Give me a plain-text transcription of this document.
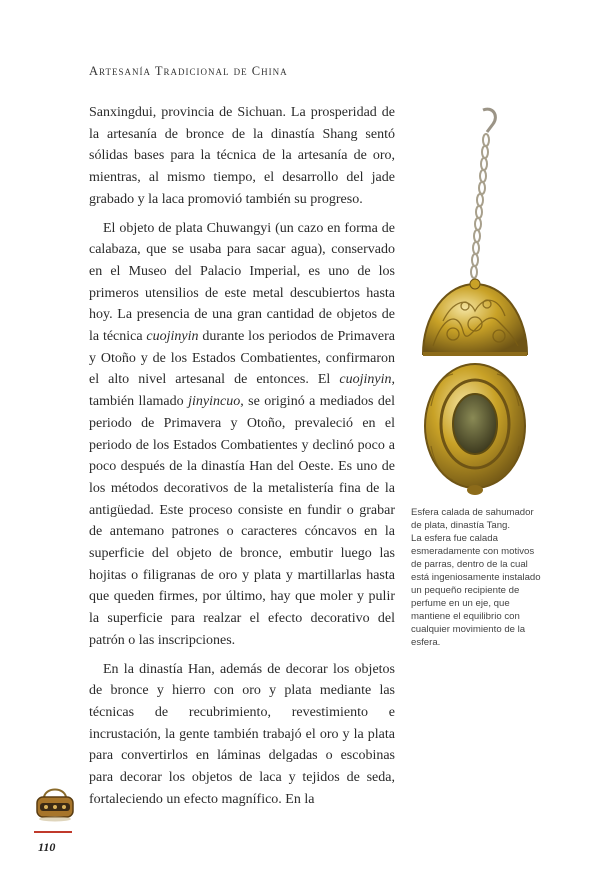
Artesanía Tradicional de China

Sanxingdui, provincia de Sichuan. La prosperidad de la artesanía de bronce de la dinastía Shang sentó sólidas bases para la técnica de la artesanía de oro, mientras, al mismo tiempo, el desarrollo del jade grabado y la laca promovió también su progreso.

El objeto de plata Chuwangyi (un cazo en forma de calabaza, que se usaba para sacar agua), conservado en el Museo del Palacio Imperial, es uno de los primeros utensilios de este metal descubiertos hasta hoy. La presencia de una gran cantidad de objetos de la técnica cuojinyin durante los periodos de Primavera y Otoño y de los Estados Combatientes, confirmaron el alto nivel artesanal de entonces. El cuojinyin, también llamado jinyincuo, se originó a mediados del periodo de Primavera y Otoño, prevaleció en el periodo de los Estados Combatientes y declinó poco a poco después de la dinastía Han del Oeste. Es uno de los métodos decorativos de la metalistería fina de la antigüedad. Este proceso consiste en fundir o grabar de antemano patrones o caracteres cóncavos en la superficie del objeto de bronce, embutir luego las hojitas o filigranas de oro y plata y martillarlas hasta que queden firmes, por último, hay que moler y pulir la superficie para realzar el efecto decorativo del patrón o las inscripciones.

En la dinastía Han, además de decorar los objetos de bronce y hierro con oro y plata mediante las técnicas de recubrimiento, revestimiento e incrustación, la gente también trabajó el oro y la plata para convertirlos en láminas delgadas o escobinas para decorar los objetos de laca y tejidos de seda, fortaleciendo un efecto magnífico. En la

Esfera calada de sahumador de plata, dinastía Tang.

La esfera fue calada esmeradamente con motivos de parras, dentro de la cual está ingeniosamente instalado un pequeño recipiente de perfume en un eje, que mantiene el equilibrio con cualquier movimiento de la esfera.

110
